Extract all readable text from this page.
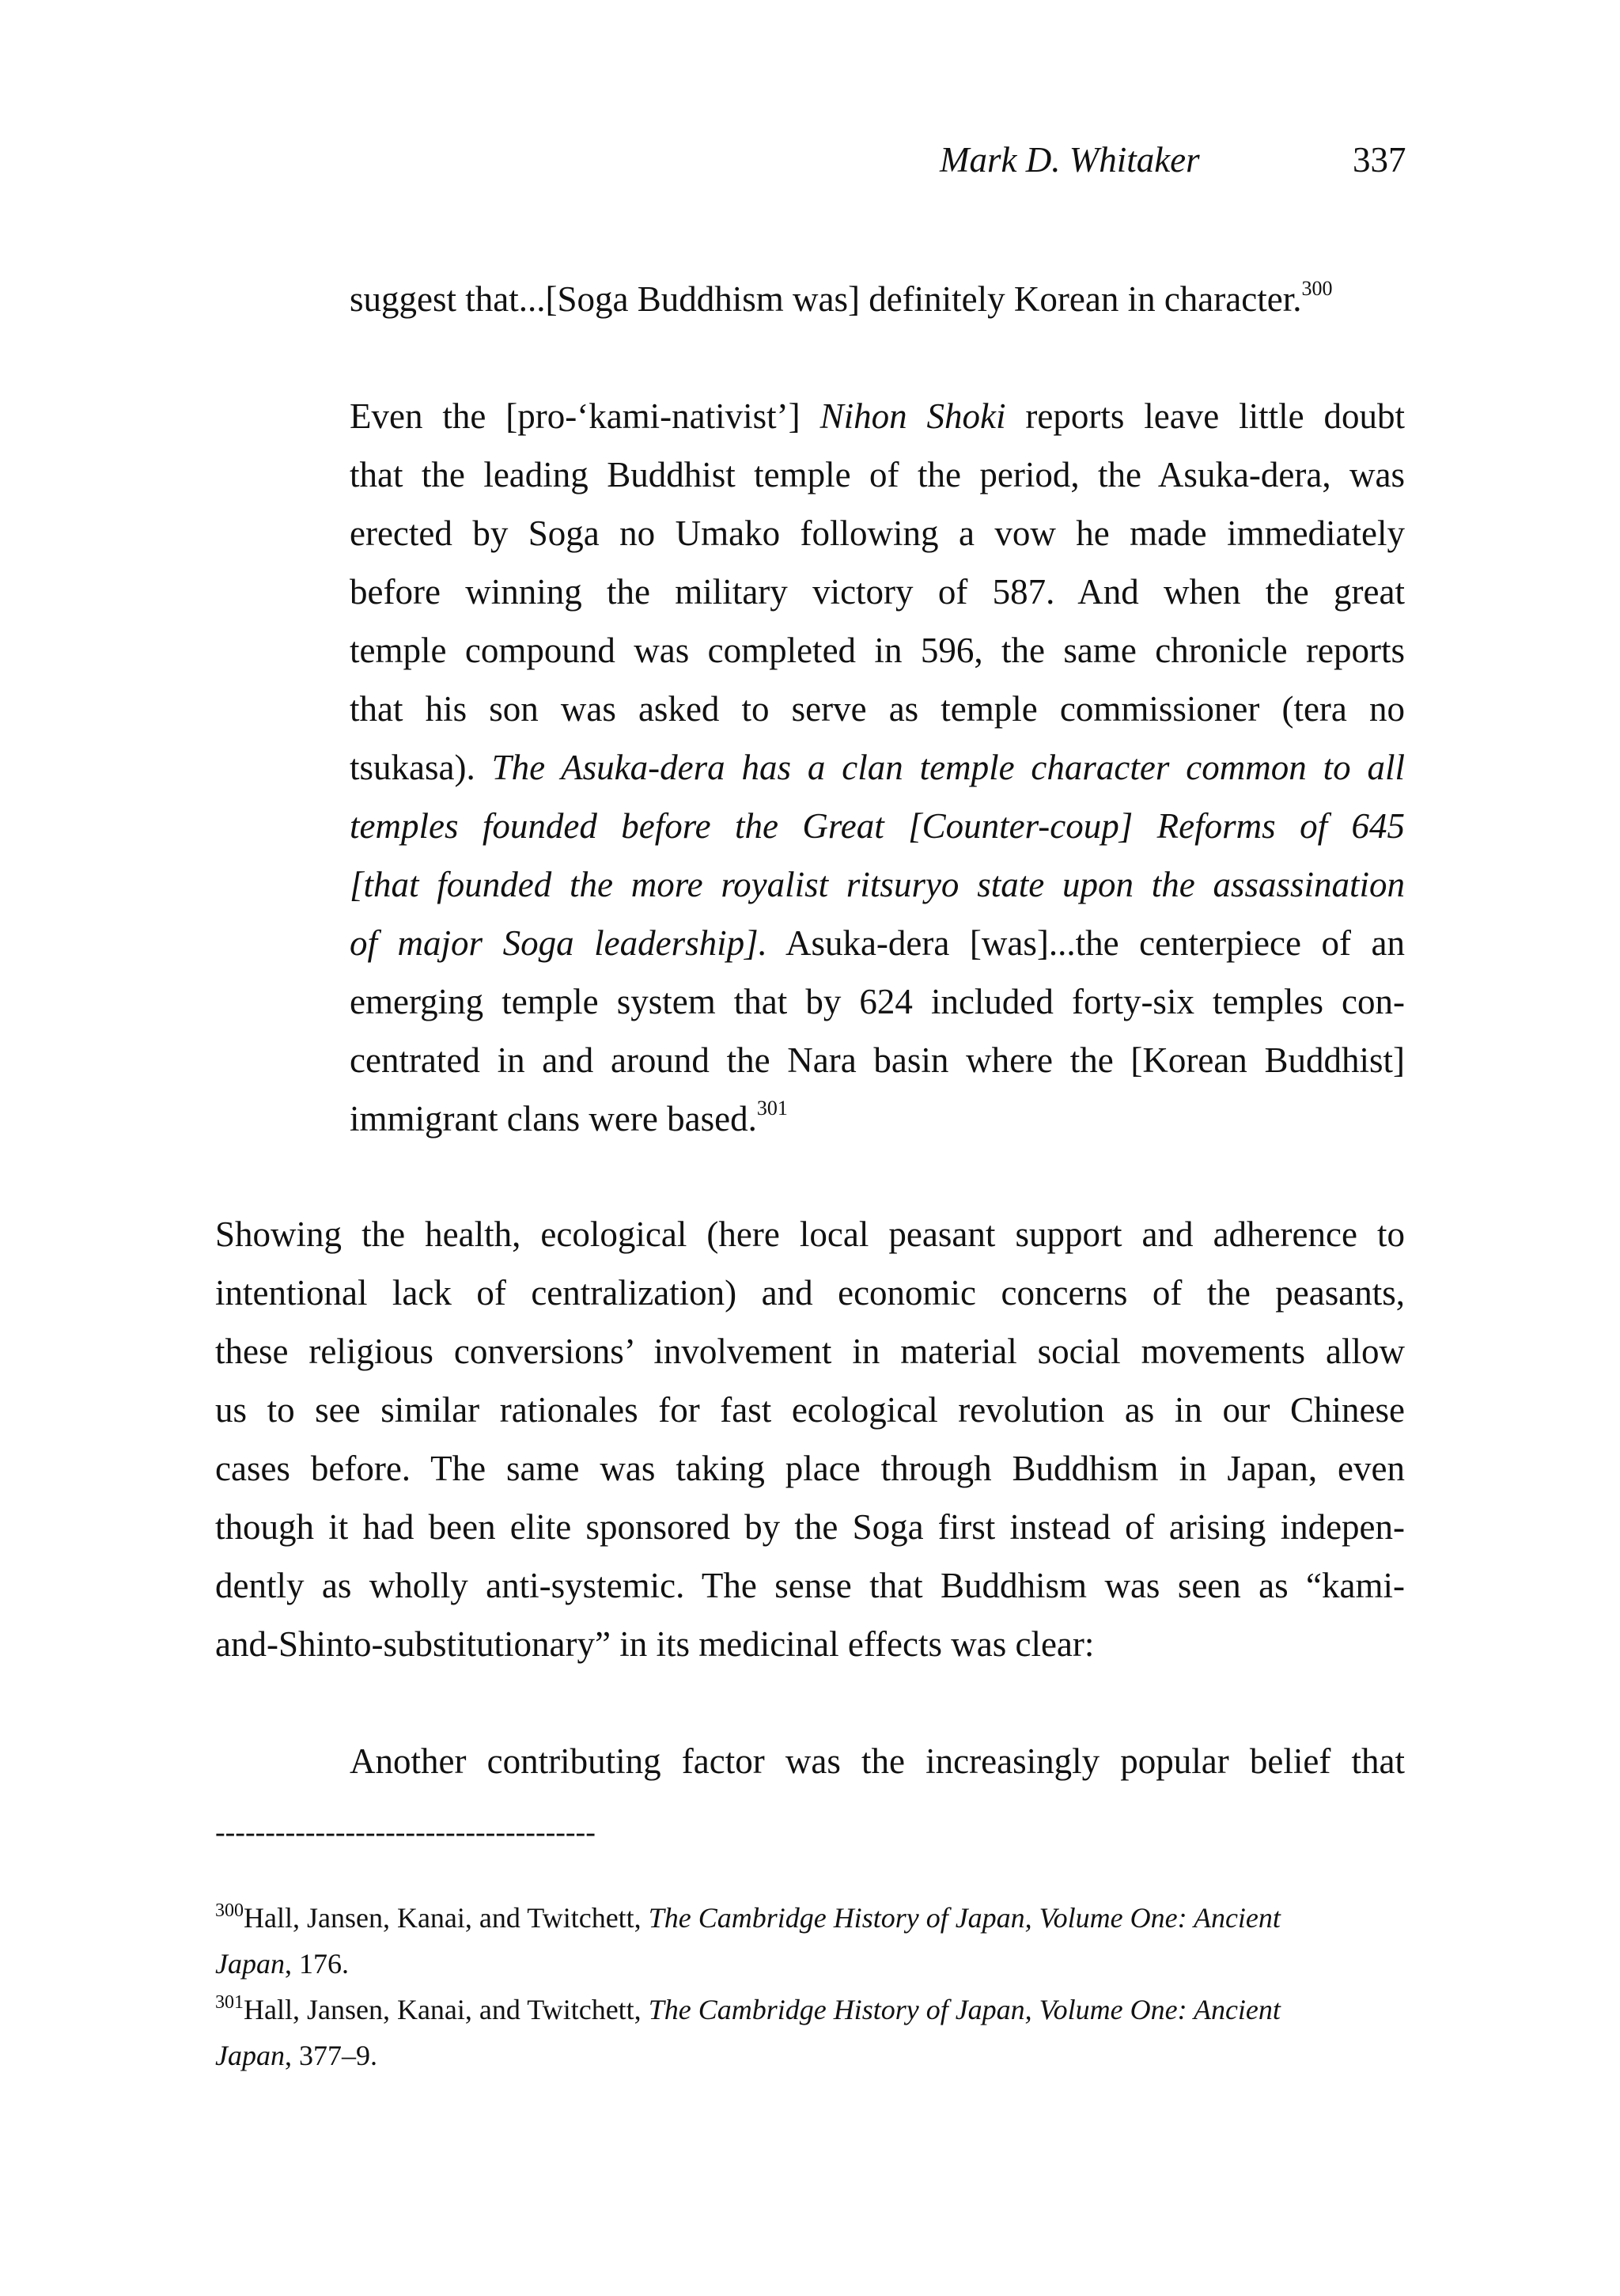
Mark D. Whitaker	337
suggest that...[Soga Buddhism was] definitely Korean in character.$^{300}$
Even the [pro-‘kami-nativist’] Nihon Shoki reports leave little doubt
that the leading Buddhist temple of the period, the Asuka-dera, was
erected by Soga no Umako following a vow he made immediately
before winning the military victory of 587. And when the great
temple compound was completed in 596, the same chronicle reports
that his son was asked to serve as temple commissioner (tera no
tsukasa). The Asuka-dera has a clan temple character common to all
temples founded before the Great [Counter-coup] Reforms of 645
[that founded the more royalist ritsuryo state upon the assassination
of major Soga leadership]. Asuka-dera [was]...the centerpiece of an
emerging temple system that by 624 included forty-six temples con-
centrated in and around the Nara basin where the [Korean Buddhist]
immigrant clans were based.$^{301}$
Showing the health, ecological (here local peasant support and adherence to
intentional lack of centralization) and economic concerns of the peasants,
these religious conversions’ involvement in material social movements allow
us to see similar rationales for fast ecological revolution as in our Chinese
cases before. The same was taking place through Buddhism in Japan, even
though it had been elite sponsored by the Soga first instead of arising indepen-
dently as wholly anti-systemic. The sense that Buddhism was seen as “kami-
and-Shinto-substitutionary” in its medicinal effects was clear:
Another contributing factor was the increasingly popular belief that
--------------------------------------
$^{300}$Hall, Jansen, Kanai, and Twitchett, The Cambridge History of Japan, Volume One: Ancient
Japan, 176.
$^{301}$Hall, Jansen, Kanai, and Twitchett, The Cambridge History of Japan, Volume One: Ancient
Japan, 377–9.
